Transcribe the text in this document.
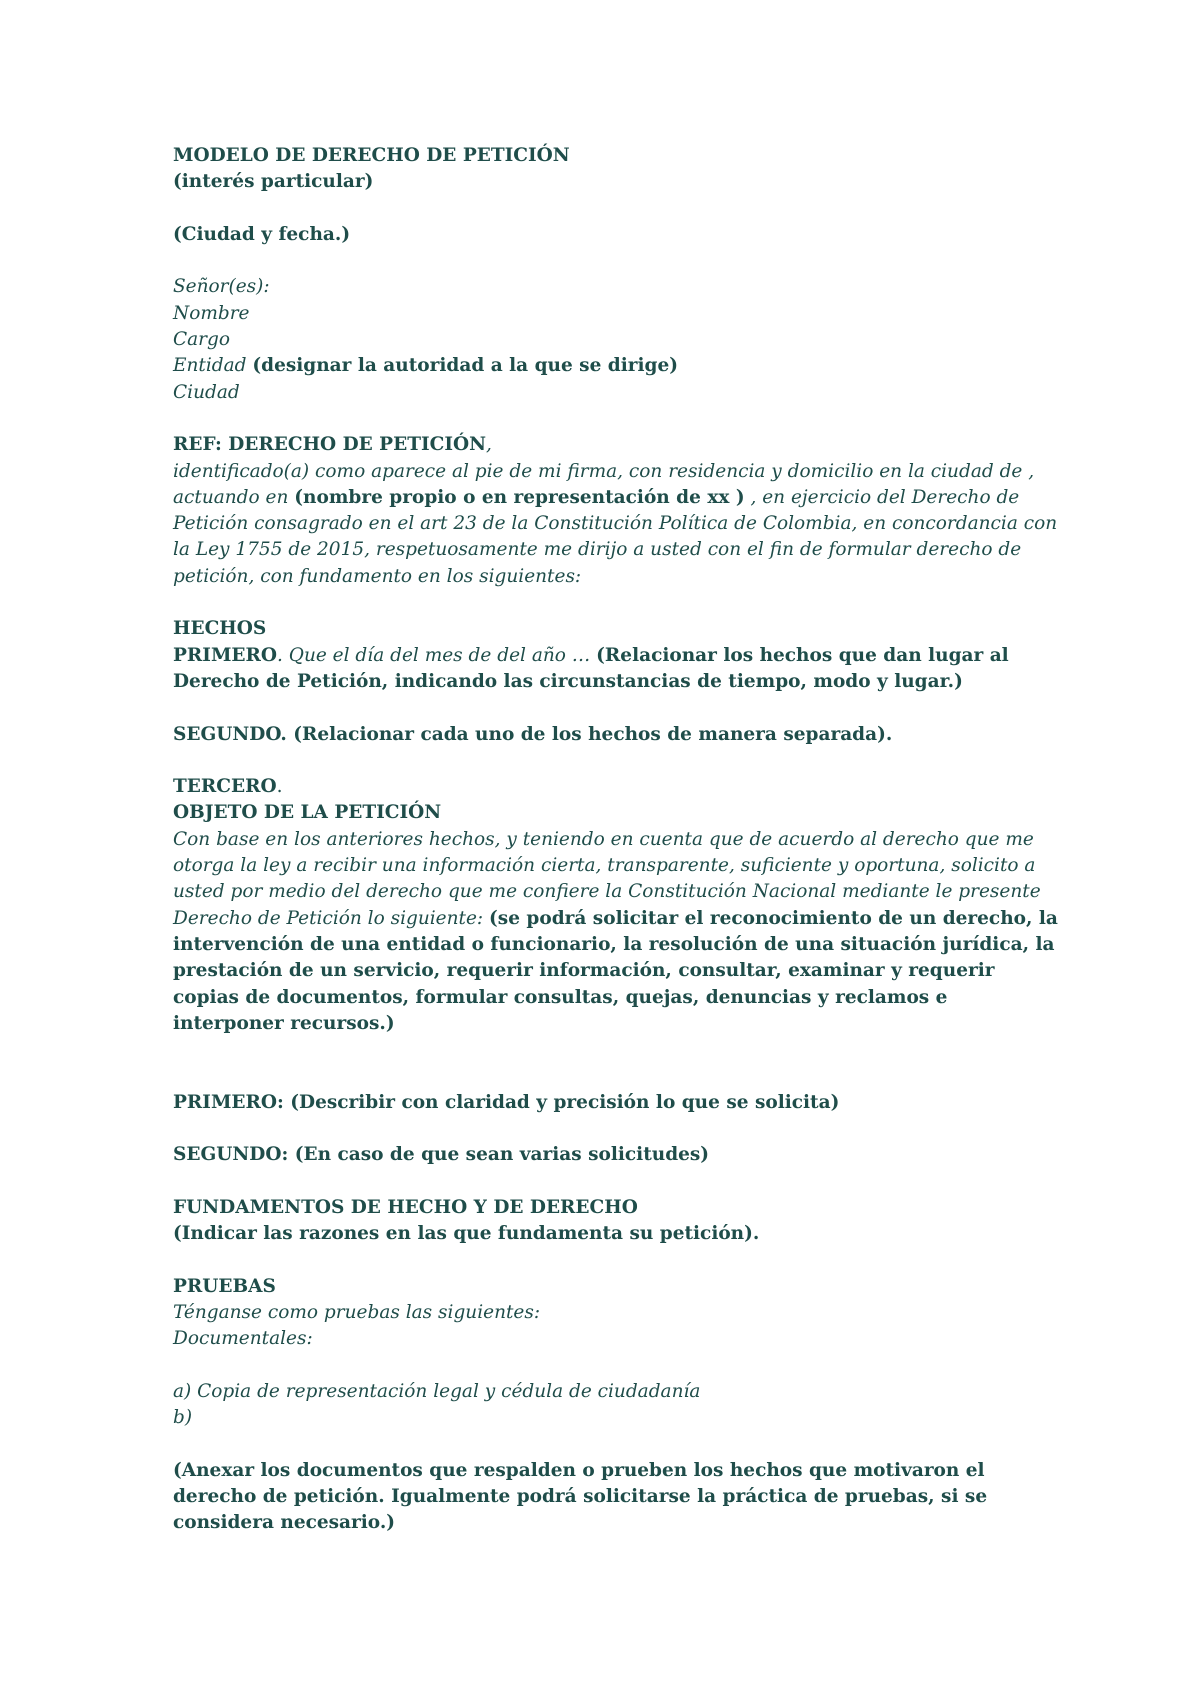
MODELO DE DERECHO DE PETICIÓN
(interés particular)
(Ciudad y fecha.)
Señor(es):
Nombre
Cargo
Entidad (designar la autoridad a la que se dirige)
Ciudad
REF: DERECHO DE PETICIÓN,
identificado(a) como aparece al pie de mi firma, con residencia y domicilio en la ciudad de ,
actuando en (nombre propio o en representación de xx ) , en ejercicio del Derecho de
Petición consagrado en el art 23 de la Constitución Política de Colombia, en concordancia con
la Ley 1755 de 2015, respetuosamente me dirijo a usted con el fin de formular derecho de
petición, con fundamento en los siguientes:
HECHOS
PRIMERO. Que el día del mes de del año … (Relacionar los hechos que dan lugar al
Derecho de Petición, indicando las circunstancias de tiempo, modo y lugar.)
SEGUNDO. (Relacionar cada uno de los hechos de manera separada).
TERCERO.
OBJETO DE LA PETICIÓN
Con base en los anteriores hechos, y teniendo en cuenta que de acuerdo al derecho que me
otorga la ley a recibir una información cierta, transparente, suficiente y oportuna, solicito a
usted por medio del derecho que me confiere la Constitución Nacional mediante le presente
Derecho de Petición lo siguiente: (se podrá solicitar el reconocimiento de un derecho, la
intervención de una entidad o funcionario, la resolución de una situación jurídica, la
prestación de un servicio, requerir información, consultar, examinar y requerir
copias de documentos, formular consultas, quejas, denuncias y reclamos e
interponer recursos.)
PRIMERO: (Describir con claridad y precisión lo que se solicita)
SEGUNDO: (En caso de que sean varias solicitudes)
FUNDAMENTOS DE HECHO Y DE DERECHO
(Indicar las razones en las que fundamenta su petición).
PRUEBAS
Ténganse como pruebas las siguientes:
Documentales:
a) Copia de representación legal y cédula de ciudadanía
b)
(Anexar los documentos que respalden o prueben los hechos que motivaron el
derecho de petición. Igualmente podrá solicitarse la práctica de pruebas, si se
considera necesario.)
